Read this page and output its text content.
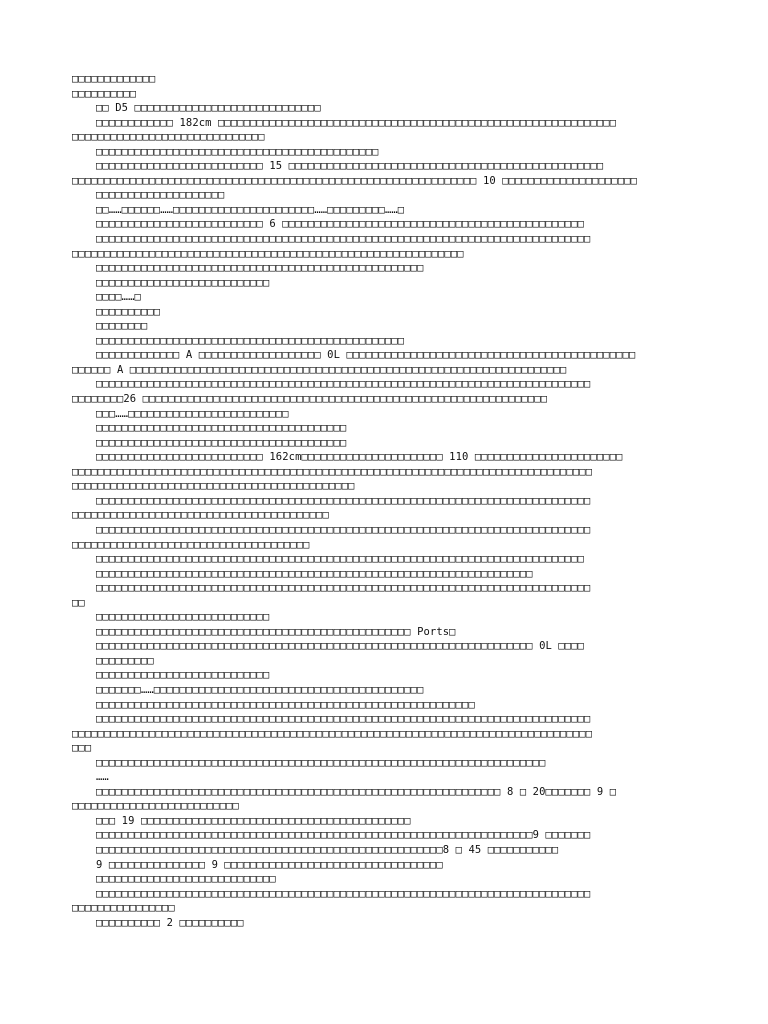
□□□□□□□□□□□□□
□□□□□□□□□□
□□ D5 □□□□□□□□□□□□□□□□□□□□□□□□□□□□□
□□□□□□□□□□□□ 182cm □□□□□□□□□□□□□□□□□□□□□□□□□□□□□□□□□□□□□□□□□□□□□□□□□□□□□□□□□□□□□□
□□□□□□□□□□□□□□□□□□□□□□□□□□□□□□
□□□□□□□□□□□□□□□□□□□□□□□□□□□□□□□□□□□□□□□□□□□□
□□□□□□□□□□□□□□□□□□□□□□□□□□ 15 □□□□□□□□□□□□□□□□□□□□□□□□□□□□□□□□□□□□□□□□□□□□□□□□□
□□□□□□□□□□□□□□□□□□□□□□□□□□□□□□□□□□□□□□□□□□□□□□□□□□□□□□□□□□□□□□□ 10 □□□□□□□□□□□□□□□□□□□□□
□□□□□□□□□□□□□□□□□□□□
□□……□□□□□□……□□□□□□□□□□□□□□□□□□□□□□……□□□□□□□□□……□
□□□□□□□□□□□□□□□□□□□□□□□□□□ 6 □□□□□□□□□□□□□□□□□□□□□□□□□□□□□□□□□□□□□□□□□□□□□□□
□□□□□□□□□□□□□□□□□□□□□□□□□□□□□□□□□□□□□□□□□□□□□□□□□□□□□□□□□□□□□□□□□□□□□□□□□□□□□
□□□□□□□□□□□□□□□□□□□□□□□□□□□□□□□□□□□□□□□□□□□□□□□□□□□□□□□□□□□□□
□□□□□□□□□□□□□□□□□□□□□□□□□□□□□□□□□□□□□□□□□□□□□□□□□□□
□□□□□□□□□□□□□□□□□□□□□□□□□□□
□□□□……□
□□□□□□□□□□
□□□□□□□□
□□□□□□□□□□□□□□□□□□□□□□□□□□□□□□□□□□□□□□□□□□□□□□□□
□□□□□□□□□□□□□ A □□□□□□□□□□□□□□□□□□□ 0L □□□□□□□□□□□□□□□□□□□□□□□□□□□□□□□□□□□□□□□□□□□□□
□□□□□□ A □□□□□□□□□□□□□□□□□□□□□□□□□□□□□□□□□□□□□□□□□□□□□□□□□□□□□□□□□□□□□□□□□□□□
□□□□□□□□□□□□□□□□□□□□□□□□□□□□□□□□□□□□□□□□□□□□□□□□□□□□□□□□□□□□□□□□□□□□□□□□□□□□□
□□□□□□□□26 □□□□□□□□□□□□□□□□□□□□□□□□□□□□□□□□□□□□□□□□□□□□□□□□□□□□□□□□□□□□□□□
□□□……□□□□□□□□□□□□□□□□□□□□□□□□□
□□□□□□□□□□□□□□□□□□□□□□□□□□□□□□□□□□□□□□□
□□□□□□□□□□□□□□□□□□□□□□□□□□□□□□□□□□□□□□□
□□□□□□□□□□□□□□□□□□□□□□□□□□ 162cm□□□□□□□□□□□□□□□□□□□□□□ 110 □□□□□□□□□□□□□□□□□□□□□□□
□□□□□□□□□□□□□□□□□□□□□□□□□□□□□□□□□□□□□□□□□□□□□□□□□□□□□□□□□□□□□□□□□□□□□□□□□□□□□□□□□
□□□□□□□□□□□□□□□□□□□□□□□□□□□□□□□□□□□□□□□□□□□□
□□□□□□□□□□□□□□□□□□□□□□□□□□□□□□□□□□□□□□□□□□□□□□□□□□□□□□□□□□□□□□□□□□□□□□□□□□□□□
□□□□□□□□□□□□□□□□□□□□□□□□□□□□□□□□□□□□□□□□
□□□□□□□□□□□□□□□□□□□□□□□□□□□□□□□□□□□□□□□□□□□□□□□□□□□□□□□□□□□□□□□□□□□□□□□□□□□□□
□□□□□□□□□□□□□□□□□□□□□□□□□□□□□□□□□□□□□
□□□□□□□□□□□□□□□□□□□□□□□□□□□□□□□□□□□□□□□□□□□□□□□□□□□□□□□□□□□□□□□□□□□□□□□□□□□□
□□□□□□□□□□□□□□□□□□□□□□□□□□□□□□□□□□□□□□□□□□□□□□□□□□□□□□□□□□□□□□□□□□□□
□□□□□□□□□□□□□□□□□□□□□□□□□□□□□□□□□□□□□□□□□□□□□□□□□□□□□□□□□□□□□□□□□□□□□□□□□□□□□
□□
□□□□□□□□□□□□□□□□□□□□□□□□□□□
□□□□□□□□□□□□□□□□□□□□□□□□□□□□□□□□□□□□□□□□□□□□□□□□□ Ports□
□□□□□□□□□□□□□□□□□□□□□□□□□□□□□□□□□□□□□□□□□□□□□□□□□□□□□□□□□□□□□□□□□□□□ 0L □□□□
□□□□□□□□□
□□□□□□□□□□□□□□□□□□□□□□□□□□□
□□□□□□□……□□□□□□□□□□□□□□□□□□□□□□□□□□□□□□□□□□□□□□□□□□
□□□□□□□□□□□□□□□□□□□□□□□□□□□□□□□□□□□□□□□□□□□□□□□□□□□□□□□□□□□
□□□□□□□□□□□□□□□□□□□□□□□□□□□□□□□□□□□□□□□□□□□□□□□□□□□□□□□□□□□□□□□□□□□□□□□□□□□□□
□□□□□□□□□□□□□□□□□□□□□□□□□□□□□□□□□□□□□□□□□□□□□□□□□□□□□□□□□□□□□□□□□□□□□□□□□□□□□□□□□
□□□
□□□□□□□□□□□□□□□□□□□□□□□□□□□□□□□□□□□□□□□□□□□□□□□□□□□□□□□□□□□□□□□□□□□□□□
……
□□□□□□□□□□□□□□□□□□□□□□□□□□□□□□□□□□□□□□□□□□□□□□□□□□□□□□□□□□□□□□□ 8 □ 20□□□□□□□ 9 □
□□□□□□□□□□□□□□□□□□□□□□□□□□
□□□ 19 □□□□□□□□□□□□□□□□□□□□□□□□□□□□□□□□□□□□□□□□□□
□□□□□□□□□□□□□□□□□□□□□□□□□□□□□□□□□□□□□□□□□□□□□□□□□□□□□□□□□□□□□□□□□□□□9 □□□□□□□
□□□□□□□□□□□□□□□□□□□□□□□□□□□□□□□□□□□□□□□□□□□□□□□□□□□□□□8 □ 45 □□□□□□□□□□□
9 □□□□□□□□□□□□□□□ 9 □□□□□□□□□□□□□□□□□□□□□□□□□□□□□□□□□□
□□□□□□□□□□□□□□□□□□□□□□□□□□□□
□□□□□□□□□□□□□□□□□□□□□□□□□□□□□□□□□□□□□□□□□□□□□□□□□□□□□□□□□□□□□□□□□□□□□□□□□□□□□
□□□□□□□□□□□□□□□□
□□□□□□□□□□ 2 □□□□□□□□□□
